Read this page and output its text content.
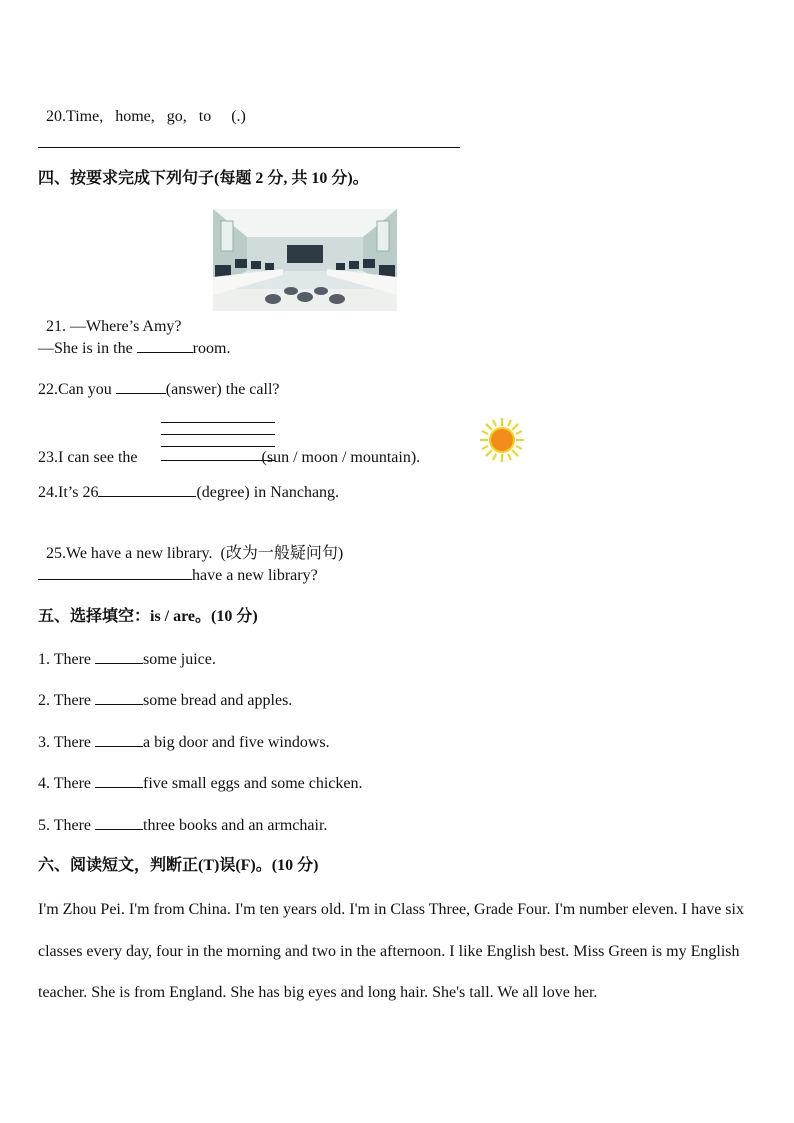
20.Time,   home,   go,   to     (.)

四、按要求完成下列句子(每题 2 分, 共 10 分)。

21. —Where’s Amy?

—She is in the	room.
22.Can you	(answer) the call?
23.I can see the	(sun / moon / mountain).
24.It’s 26	(degree) in Nanchang.

25.We have a new library.  (改为一般疑问句)

have a new library?
五、选择填空：is / are。(10 分)
1. There	some juice.
2. There	some bread and apples.
3. There	a big door and five windows.
4. There	five small eggs and some chicken.
5. There	three books and an armchair.
六、阅读短文，判断正(T)误(F)。(10 分)
I'm Zhou Pei. I'm from China. I'm ten years old. I'm in Class Three, Grade Four. I'm number eleven. I have six classes every day, four in the morning and two in the afternoon. I like English best. Miss Green is my English teacher. She is from England. She has big eyes and long hair. She's tall. We all love her.
